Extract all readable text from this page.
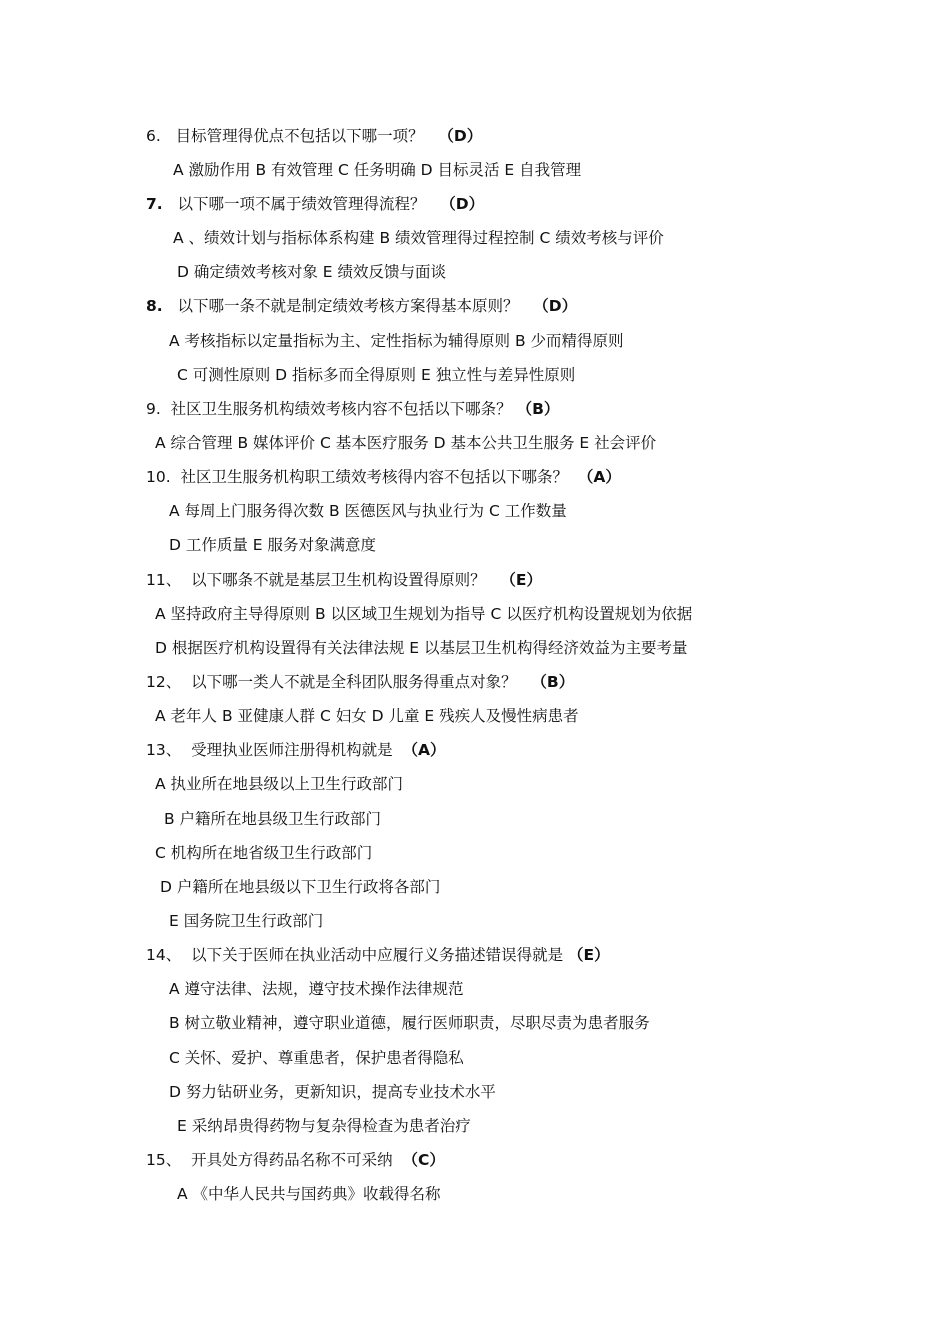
6. 目标管理得优点不包括以下哪一项？ （D）
A 激励作用 B 有效管理 C 任务明确 D 目标灵活 E 自我管理
7. 以下哪一项不属于绩效管理得流程？ （D）
A 、绩效计划与指标体系构建 B 绩效管理得过程控制 C 绩效考核与评价
D 确定绩效考核对象 E 绩效反馈与面谈
8. 以下哪一条不就是制定绩效考核方案得基本原则？ （D）
A 考核指标以定量指标为主、定性指标为辅得原则 B 少而精得原则
C 可测性原则 D 指标多而全得原则 E 独立性与差异性原则
9. 社区卫生服务机构绩效考核内容不包括以下哪条？ （B）
A 综合管理 B 媒体评价 C 基本医疗服务 D 基本公共卫生服务 E 社会评价
10. 社区卫生服务机构职工绩效考核得内容不包括以下哪条？ （A）
A 每周上门服务得次数 B 医德医风与执业行为 C 工作数量
D 工作质量 E 服务对象满意度
11、 以下哪条不就是基层卫生机构设置得原则？ （E）
A 坚持政府主导得原则 B 以区域卫生规划为指导 C 以医疗机构设置规划为依据
D 根据医疗机构设置得有关法律法规 E 以基层卫生机构得经济效益为主要考量
12、 以下哪一类人不就是全科团队服务得重点对象？ （B）
A 老年人 B 亚健康人群 C 妇女 D 儿童 E 残疾人及慢性病患者
13、 受理执业医师注册得机构就是 （A）
A 执业所在地县级以上卫生行政部门
B 户籍所在地县级卫生行政部门
C 机构所在地省级卫生行政部门
D 户籍所在地县级以下卫生行政将各部门
E 国务院卫生行政部门
14、 以下关于医师在执业活动中应履行义务描述错误得就是 （E）
A 遵守法律、法规，遵守技术操作法律规范
B 树立敬业精神，遵守职业道德，履行医师职责，尽职尽责为患者服务
C 关怀、爱护、尊重患者，保护患者得隐私
D 努力钻研业务，更新知识，提高专业技术水平
E 采纳昂贵得药物与复杂得检查为患者治疗
15、 开具处方得药品名称不可采纳 （C）
A 《中华人民共与国药典》收载得名称
